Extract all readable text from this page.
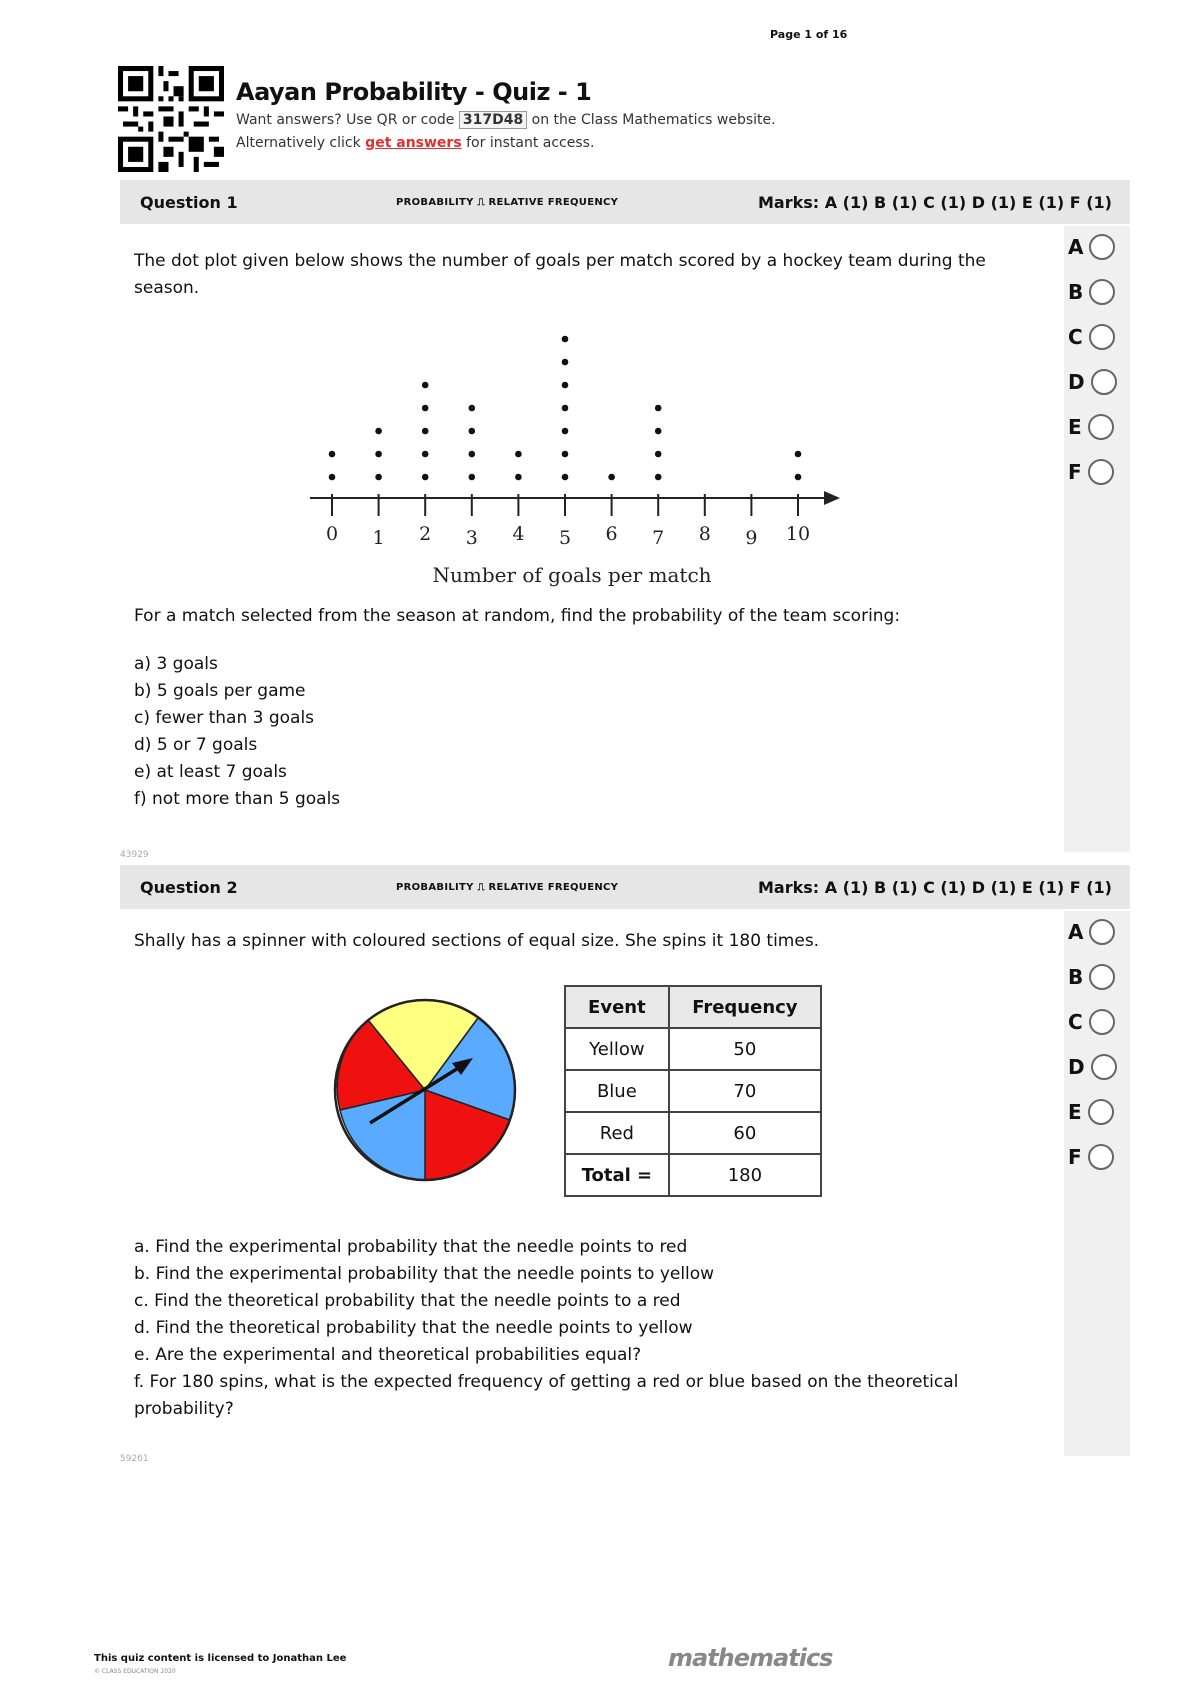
Page 1 of 16
Aayan Probability - Quiz - 1
Want answers? Use QR or code 317D48 on the Class Mathematics website.
Alternatively click get answers for instant access.
Question 1	PROBABILITY ⎍ RELATIVE FREQUENCY	Marks: A (1) B (1) C (1) D (1) E (1) F (1)
A
B
C
D
E
F
The dot plot given below shows the number of goals per match scored by a hockey team during the season.
Number of goals per match
0 1 2 3 4 5 6 7 8 9 10
For a match selected from the season at random, find the probability of the team scoring:
a) 3 goals
b) 5 goals per game
c) fewer than 3 goals
d) 5 or 7 goals
e) at least 7 goals
f) not more than 5 goals
43929
Question 2	PROBABILITY ⎍ RELATIVE FREQUENCY	Marks: A (1) B (1) C (1) D (1) E (1) F (1)
A
B
C
D
E
F
Shally has a spinner with coloured sections of equal size. She spins it 180 times.
Event	Frequency
Yellow	50
Blue	70
Red	60
Total =	180
a. Find the experimental probability that the needle points to red
b. Find the experimental probability that the needle points to yellow
c. Find the theoretical probability that the needle points to a red
d. Find the theoretical probability that the needle points to yellow
e. Are the experimental and theoretical probabilities equal?
f. For 180 spins, what is the expected frequency of getting a red or blue based on the theoretical probability?
59261
This quiz content is licensed to Jonathan Lee
© CLASS EDUCATION 2020	mathematics
